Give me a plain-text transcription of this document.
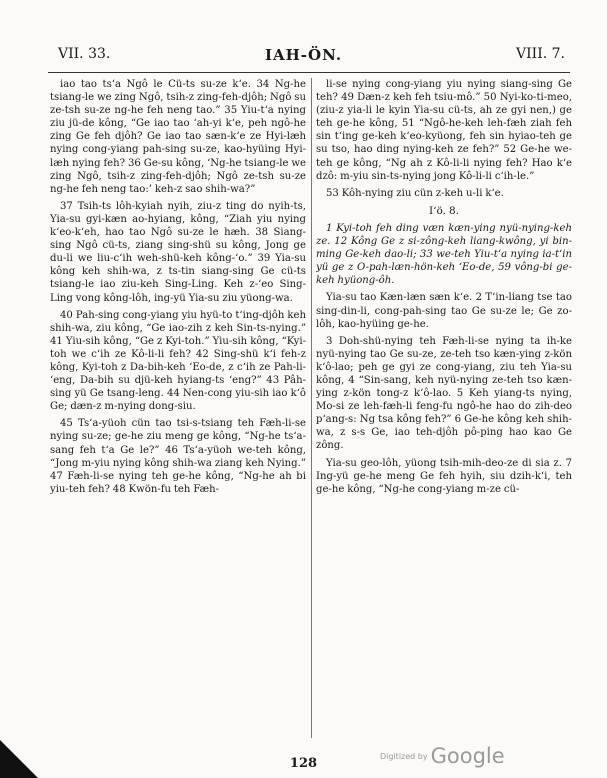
VII. 33.	IAH-ÖN.	VIII. 7.

iao tao tsʻa Ngô le Cü-ts su-ze kʻe. 34 Ng-he tsiang-le we zing Ngô, tsih-z zing-feh-djôh; Ngô su ze-tsh su-ze ng-he feh neng tao.” 35 Yiu-tʻa nying ziu jü-de kông, “Ge iao tao ʻah-yi kʻe, peh ngô-he zing Ge feh djôh? Ge iao tao sæn-kʻe ze Hyi-læh nying cong-yiang pah-sing su-ze, kao-hyüing Hyi-læh nying feh? 36 Ge-su kông, ‘Ng-he tsiang-le we zing Ngô, tsih-z zing-feh-djôh; Ngô ze-tsh su-ze ng-he feh neng tao:’ keh-z sao shih-wa?”

37 Tsih-ts lôh-kyiah nyih, ziu-z ting do nyih-ts, Yia-su gyi-kæn ao-hyiang, kông, “Ziah yiu nying kʻeo-kʻeh, hao tao Ngô su-ze le hæh. 38 Siang-sing Ngô cü-ts, ziang sing-shü su kông, Jong ge du-li we liu-cʻih weh-shü-keh kông-ʻo.” 39 Yia-su kông keh shih-wa, z ts-tin siang-sing Ge cü-ts tsiang-le iao ziu-keh Sing-Ling. Keh z-ʻeo Sing-Ling vong kông-lôh, ing-yü Yia-su ziu yüong-wa.

40 Pah-sing cong-yiang yiu hyü-to tʻing-djôh keh shih-wa, ziu kông, “Ge iao-zih z keh Sin-ts-nying.” 41 Yiu-sih kông, “Ge z Kyi-toh.” Yiu-sih kông, “Kyi-toh we cʻih ze Kô-li-li feh? 42 Sing-shü kʻi feh-z kông, Kyi-toh z Da-bih-keh ʻEo-de, z cʻih ze Pah-li-ʻeng, Da-bih su djü-keh hyiang-ts ʻeng?” 43 Pâh-sing yü Ge tsang-leng. 44 Nen-cong yiu-sih iao kʻô Ge; dæn-z m-nying dong-siu.

45 Tsʻa-yüoh cün tao tsi-s-tsiang teh Fæh-li-se nying su-ze; ge-he ziu meng ge kông, “Ng-he tsʻa-sang feh tʻa Ge le?” 46 Tsʻa-yüoh we-teh kông, “Jong m-yiu nying kông shih-wa ziang keh Nying.” 47 Fæh-li-se nying teh ge-he kông, “Ng-he ah bi yiu-teh feh? 48 Kwön-fu teh Fæh-

li-se nying cong-yiang yiu nying siang-sing Ge teh? 49 Dæn-z keh feh tsiu-mô.” 50 Nyi-ko-ti-meo, (ziu-z yia-li le kyin Yia-su cü-ts, ah ze gyi nen,) ge teh ge-he kông, 51 “Ngô-he-keh leh-fæh ziah feh sin tʻing ge-keh kʻeo-kyüong, feh sin hyiao-teh ge su tso, hao ding nying-keh ze feh?” 52 Ge-he we-teh ge kông, “Ng ah z Kô-li-li nying feh? Hao kʻe dzô: m-yiu sin-ts-nying jong Kô-li-li cʻih-le.”

53 Kôh-nying ziu cün z-keh u-li kʻe.

Iʻö. 8.

1 Kyi-toh feh ding væn kæn-ying nyü-nying-keh ze. 12 Kông Ge z si-zông-keh liang-kwông, yi bin-ming Ge-keh dao-li; 33 we-teh Yiu-tʻa nying ia-tʻin yü ge z O-pah-læn-hön-keh ʻEo-de, 59 vông-bi ge-keh hyüong-ôh.

Yia-su tao Kæn-læn sæn kʻe. 2 Tʻin-liang tse tao sing-din-li, cong-pah-sing tao Ge su-ze le; Ge zo-lôh, kao-hyüing ge-he.

3 Doh-shü-nying teh Fæh-li-se nying ta ih-ke nyü-nying tao Ge su-ze, ze-teh tso kæn-ying z-kön kʻô-lao; peh ge gyi ze cong-yiang, ziu teh Yia-su kông, 4 “Sin-sang, keh nyü-nying ze-teh tso kæn-ying z-kön tong-z kʻô-lao. 5 Keh yiang-ts nying, Mo-si ze leh-fæh-li feng-fu ngô-he hao do zih-deo pʻang-s: Ng tsa kông feh?” 6 Ge-he kông keh shih-wa, z s-s Ge, iao teh-djôh pô-ping hao kao Ge zông.

Yia-su geo-lôh, yüong tsih-mih-deo-ze di sia z. 7 Ing-yü ge-he meng Ge feh hyih, siu dzih-kʻi, teh ge-he kông, “Ng-he cong-yiang m-ze cü-

128	Digitized by Google
